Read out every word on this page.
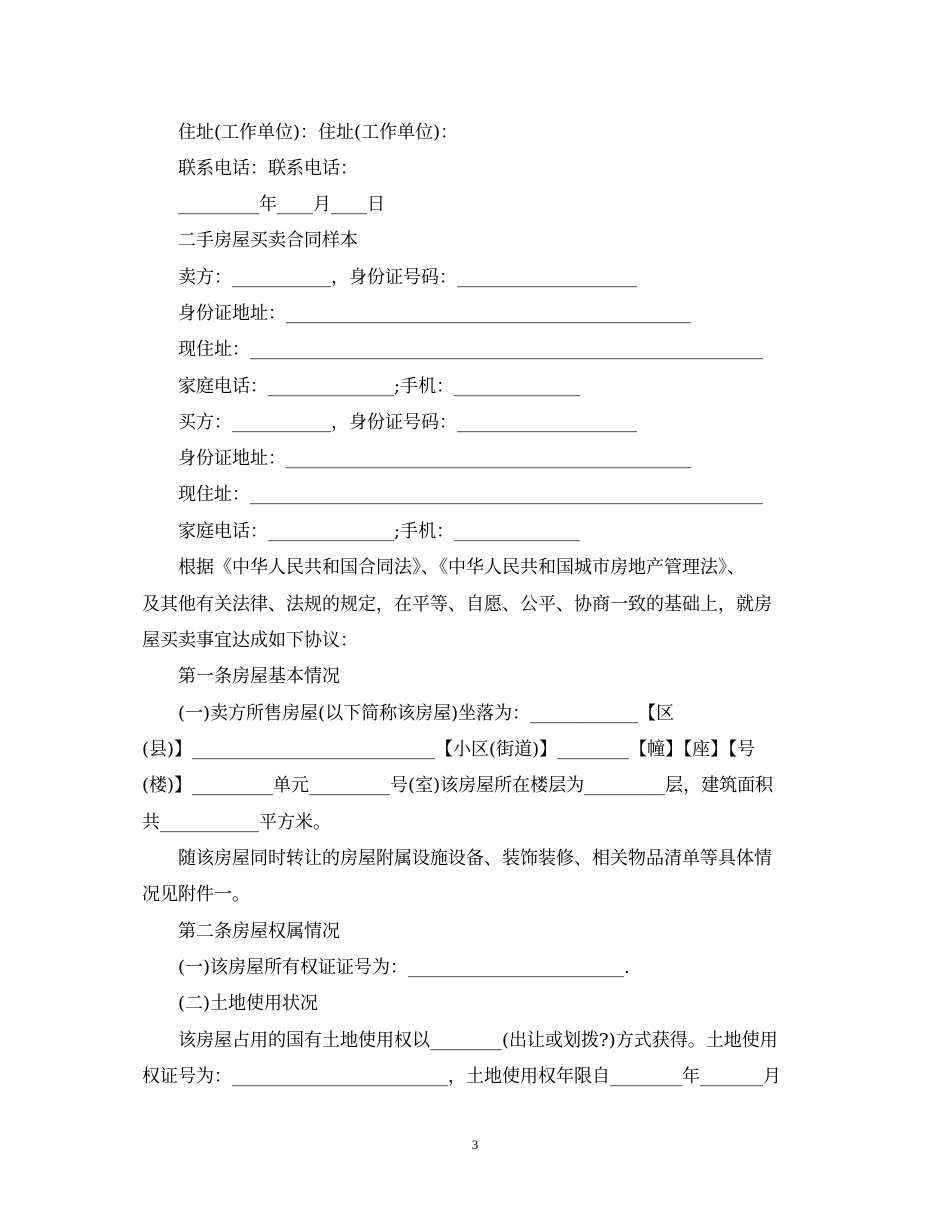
住址(工作单位)：住址(工作单位)：
联系电话：联系电话：
_________年____月____日
二手房屋买卖合同样本
卖方：___________，身份证号码：____________________
身份证地址：_____________________________________________
现住址：_________________________________________________________
家庭电话：______________;手机：______________
买方：___________，身份证号码：____________________
身份证地址：_____________________________________________
现住址：_________________________________________________________
家庭电话：______________;手机：______________
根据《中华人民共和国合同法》、《中华人民共和国城市房地产管理法》、
及其他有关法律、法规的规定，在平等、自愿、公平、协商一致的基础上，就房
屋买卖事宜达成如下协议：
第一条房屋基本情况
(一)卖方所售房屋(以下简称该房屋)坐落为：____________【区
(县)】___________________________【小区(街道)】________【幢】【座】【号
(楼)】_________单元_________号(室)该房屋所在楼层为_________层，建筑面积
共___________平方米。
随该房屋同时转让的房屋附属设施设备、装饰装修、相关物品清单等具体情
况见附件一。
第二条房屋权属情况
(一)该房屋所有权证证号为：________________________.
(二)土地使用状况
该房屋占用的国有土地使用权以________(出让或划拨?)方式获得。土地使用
权证号为：________________________，土地使用权年限自________年_______月
3
